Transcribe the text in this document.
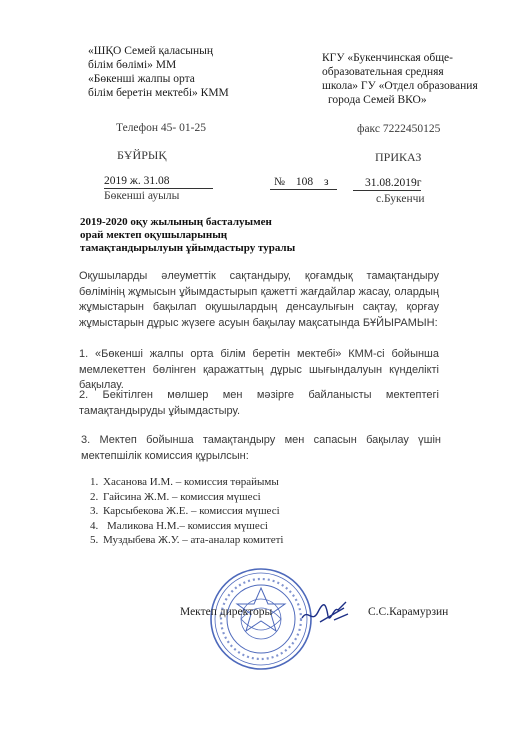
«ШҚО Семей қаласының
білім бөлімі» ММ
«Бөкенші жалпы орта
білім беретін мектебі» КММ
КГУ «Букенчинская обще-
образовательная средняя
школа» ГУ «Отдел образования
города Семей ВКО»
Телефон 45- 01-25	факс 7222450125
БҰЙРЫҚ	ПРИКАЗ
2019 ж. 31.08	№ 108 з	31.08.2019г
Бөкенші ауылы	с.Букенчи
2019-2020 оқу жылының басталуымен
орай мектеп оқушыларының
тамақтандырылуын ұйымдастыру туралы
Оқушыларды әлеуметтік сақтандыру, қоғамдық тамақтандыру бөлімінің жұмысын ұйымдастырып қажетті жағдайлар жасау, олардың жұмыстарын бақылап оқушылардың денсаулығын сақтау, қорғау жұмыстарын дұрыс жүзеге асуын бақылау мақсатында БҰЙЫРАМЫН:
1. «Бөкенші жалпы орта білім беретін мектебі» КММ-сі бойынша мемлекеттен бөлінген қаражаттың дұрыс шығындалуын күнделікті бақылау.
2. Бекітілген мөлшер мен мәзірге байланысты мектептегі тамақтандыруды ұйымдастыру.
3. Мектеп бойынша тамақтандыру мен сапасын бақылау үшін мектепшілік комиссия құрылсын:
1. Хасанова И.М. – комиссия төрайымы
2. Гайсина Ж.М. – комиссия мүшесі
3. Карсыбекова Ж.Е. – комиссия мүшесі
4. Маликова Н.М.– комиссия мүшесі
5. Муздыбева Ж.У. – ата-аналар комитеті
Мектеп директоры	С.С.Карамурзин
